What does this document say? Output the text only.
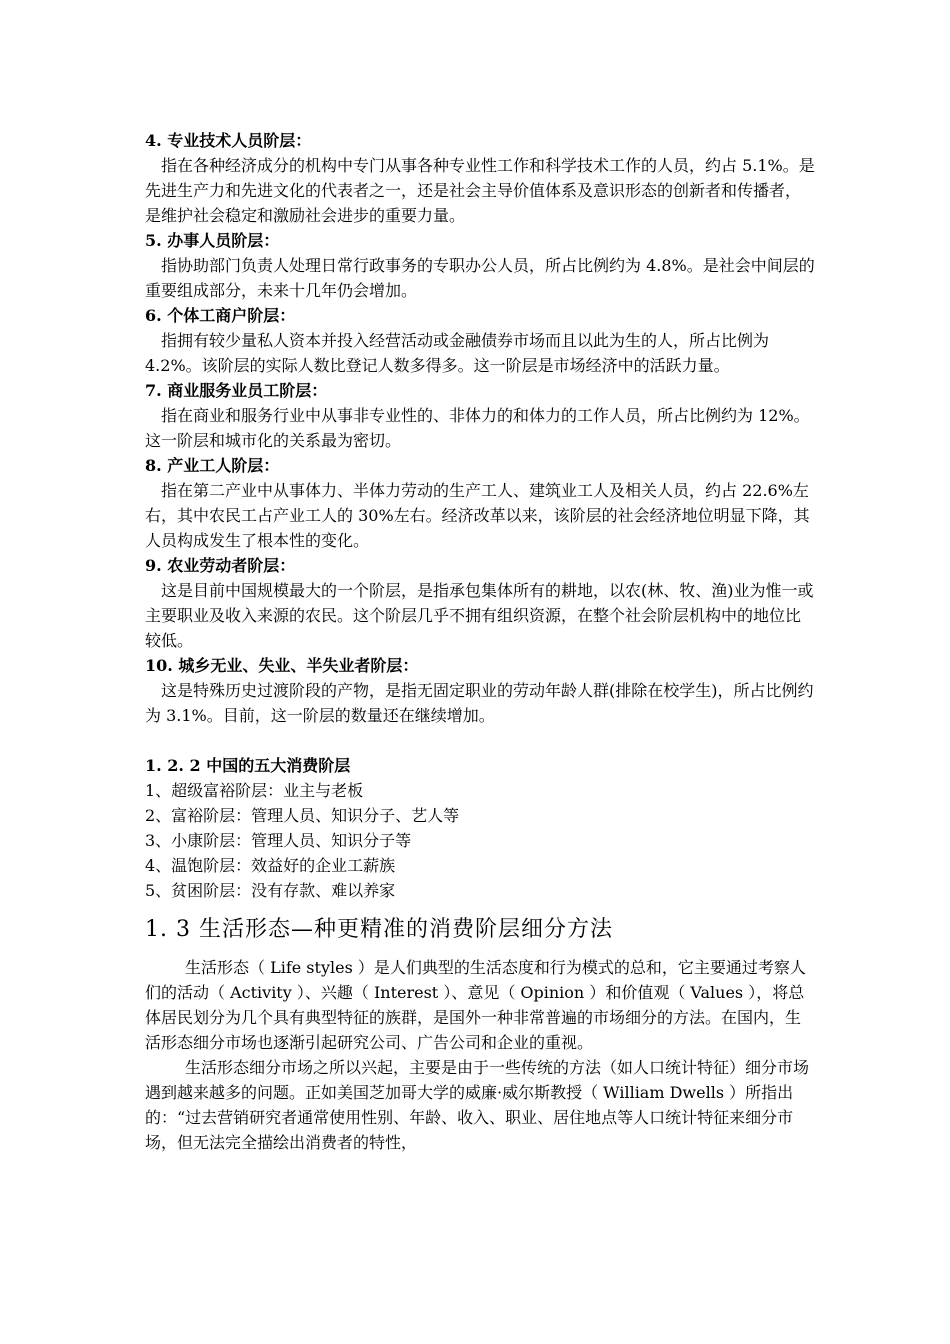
4. 专业技术人员阶层：

指在各种经济成分的机构中专门从事各种专业性工作和科学技术工作的人员，约占 5.1%。是先进生产力和先进文化的代表者之一，还是社会主导价值体系及意识形态的创新者和传播者，是维护社会稳定和激励社会进步的重要力量。

5. 办事人员阶层：

指协助部门负责人处理日常行政事务的专职办公人员，所占比例约为 4.8%。是社会中间层的重要组成部分，未来十几年仍会增加。

6. 个体工商户阶层：

指拥有较少量私人资本并投入经营活动或金融债券市场而且以此为生的人，所占比例为 4.2%。该阶层的实际人数比登记人数多得多。这一阶层是市场经济中的活跃力量。

7. 商业服务业员工阶层：

指在商业和服务行业中从事非专业性的、非体力的和体力的工作人员，所占比例约为 12%。这一阶层和城市化的关系最为密切。

8. 产业工人阶层：

指在第二产业中从事体力、半体力劳动的生产工人、建筑业工人及相关人员，约占 22.6%左右，其中农民工占产业工人的 30%左右。经济改革以来，该阶层的社会经济地位明显下降，其人员构成发生了根本性的变化。

9. 农业劳动者阶层：

这是目前中国规模最大的一个阶层，是指承包集体所有的耕地，以农(林、牧、渔)业为惟一或主要职业及收入来源的农民。这个阶层几乎不拥有组织资源，在整个社会阶层机构中的地位比较低。

10. 城乡无业、失业、半失业者阶层：

这是特殊历史过渡阶段的产物，是指无固定职业的劳动年龄人群(排除在校学生)，所占比例约为 3.1%。目前，这一阶层的数量还在继续增加。

1. 2. 2 中国的五大消费阶层

1、超级富裕阶层：业主与老板

2、富裕阶层：管理人员、知识分子、艺人等

3、小康阶层：管理人员、知识分子等

4、温饱阶层：效益好的企业工薪族

5、贫困阶层：没有存款、难以养家

1. 3 生活形态—种更精准的消费阶层细分方法

生活形态（ Life styles ）是人们典型的生活态度和行为模式的总和，它主要通过考察人们的活动（ Activity ）、兴趣（ Interest ）、意见（ Opinion ）和价值观（ Values ），将总体居民划分为几个具有典型特征的族群，是国外一种非常普遍的市场细分的方法。在国内，生活形态细分市场也逐渐引起研究公司、广告公司和企业的重视。

生活形态细分市场之所以兴起，主要是由于一些传统的方法（如人口统计特征）细分市场遇到越来越多的问题。正如美国芝加哥大学的威廉·威尔斯教授（ William Dwells ）所指出的：“过去营销研究者通常使用性别、年龄、收入、职业、居住地点等人口统计特征来细分市场，但无法完全描绘出消费者的特性，
